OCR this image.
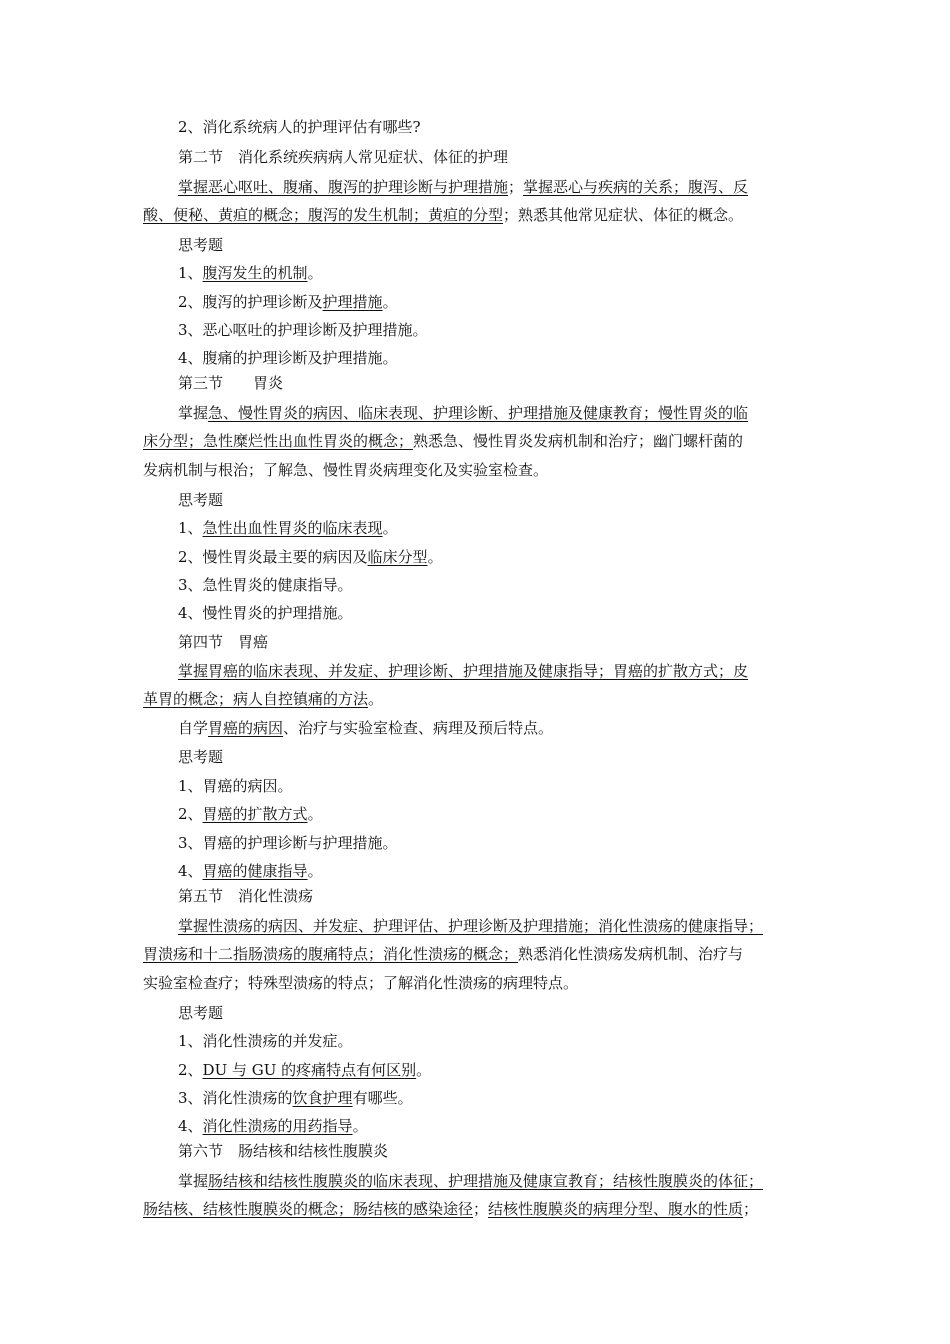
2、消化系统病人的护理评估有哪些?
第二节　消化系统疾病病人常见症状、体征的护理
掌握恶心呕吐、腹痛、腹泻的护理诊断与护理措施；掌握恶心与疾病的关系；腹泻、反
酸、便秘、黄疸的概念；腹泻的发生机制；黄疸的分型；熟悉其他常见症状、体征的概念。
思考题
1、腹泻发生的机制。
2、腹泻的护理诊断及护理措施。
3、恶心呕吐的护理诊断及护理措施。
4、腹痛的护理诊断及护理措施。
第三节　　胃炎
掌握急、慢性胃炎的病因、临床表现、护理诊断、护理措施及健康教育；慢性胃炎的临
床分型；急性糜烂性出血性胃炎的概念；熟悉急、慢性胃炎发病机制和治疗；幽门螺杆菌的
发病机制与根治；了解急、慢性胃炎病理变化及实验室检查。
思考题
1、急性出血性胃炎的临床表现。
2、慢性胃炎最主要的病因及临床分型。
3、急性胃炎的健康指导。
4、慢性胃炎的护理措施。
第四节　胃癌
掌握胃癌的临床表现、并发症、护理诊断、护理措施及健康指导；胃癌的扩散方式；皮
革胃的概念；病人自控镇痛的方法。
自学胃癌的病因、治疗与实验室检查、病理及预后特点。
思考题
1、胃癌的病因。
2、胃癌的扩散方式。
3、胃癌的护理诊断与护理措施。
4、胃癌的健康指导。
第五节　消化性溃疡
掌握性溃疡的病因、并发症、护理评估、护理诊断及护理措施；消化性溃疡的健康指导；
胃溃疡和十二指肠溃疡的腹痛特点；消化性溃疡的概念；熟悉消化性溃疡发病机制、治疗与
实验室检查疗；特殊型溃疡的特点；了解消化性溃疡的病理特点。
思考题
1、消化性溃疡的并发症。
2、DU 与 GU 的疼痛特点有何区别。
3、消化性溃疡的饮食护理有哪些。
4、消化性溃疡的用药指导。
第六节　肠结核和结核性腹膜炎
掌握肠结核和结核性腹膜炎的临床表现、护理措施及健康宣教育；结核性腹膜炎的体征；
肠结核、结核性腹膜炎的概念；肠结核的感染途径；结核性腹膜炎的病理分型、腹水的性质；
